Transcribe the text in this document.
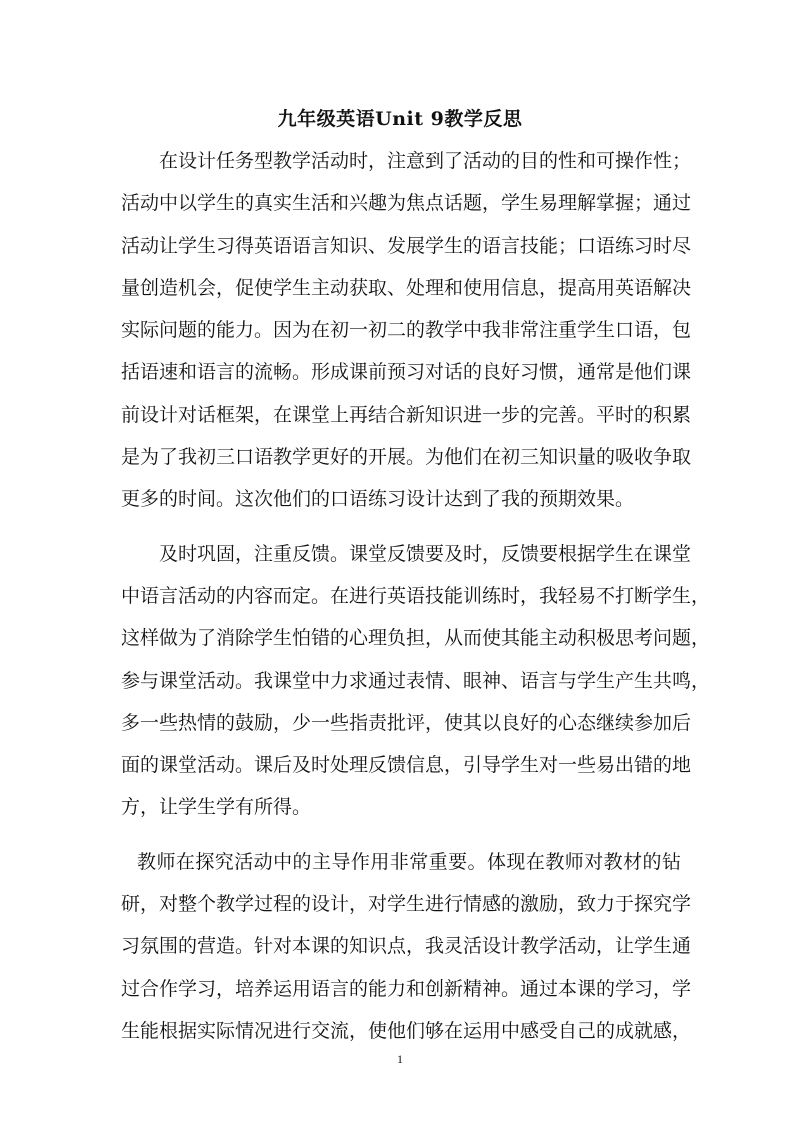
九年级英语Unit 9教学反思
在设计任务型教学活动时，注意到了活动的目的性和可操作性；
活动中以学生的真实生活和兴趣为焦点话题，学生易理解掌握；通过
活动让学生习得英语语言知识、发展学生的语言技能；口语练习时尽
量创造机会，促使学生主动获取、处理和使用信息，提高用英语解决
实际问题的能力。因为在初一初二的教学中我非常注重学生口语，包
括语速和语言的流畅。形成课前预习对话的良好习惯，通常是他们课
前设计对话框架，在课堂上再结合新知识进一步的完善。平时的积累
是为了我初三口语教学更好的开展。为他们在初三知识量的吸收争取
更多的时间。这次他们的口语练习设计达到了我的预期效果。
及时巩固，注重反馈。课堂反馈要及时，反馈要根据学生在课堂
中语言活动的内容而定。在进行英语技能训练时，我轻易不打断学生，
这样做为了消除学生怕错的心理负担，从而使其能主动积极思考问题，
参与课堂活动。我课堂中力求通过表情、眼神、语言与学生产生共鸣，
多一些热情的鼓励，少一些指责批评，使其以良好的心态继续参加后
面的课堂活动。课后及时处理反馈信息，引导学生对一些易出错的地
方，让学生学有所得。
教师在探究活动中的主导作用非常重要。体现在教师对教材的钻
研，对整个教学过程的设计，对学生进行情感的激励，致力于探究学
习氛围的营造。针对本课的知识点，我灵活设计教学活动，让学生通
过合作学习，培养运用语言的能力和创新精神。通过本课的学习，学
生能根据实际情况进行交流，使他们够在运用中感受自己的成就感，
1
